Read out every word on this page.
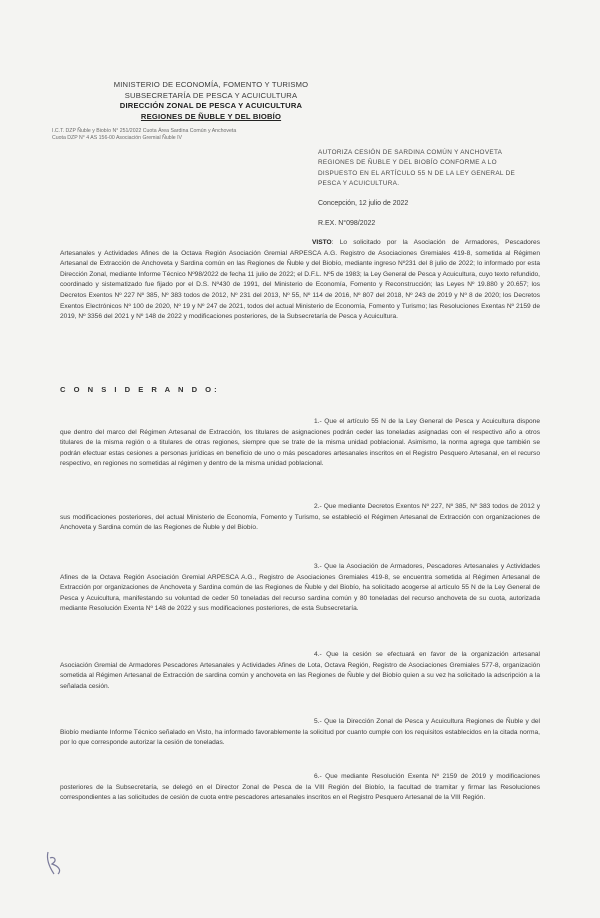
MINISTERIO DE ECONOMÍA, FOMENTO Y TURISMO
SUBSECRETARÍA DE PESCA Y ACUICULTURA
DIRECCIÓN ZONAL DE PESCA Y ACUICULTURA
REGIONES DE ÑUBLE Y DEL BIOBÍO
I.C.T. DZP Ñuble y Biobío N° 251/2022 Cuota Área Sardina Común y Anchoveta
Cuota DZP N° 4 AS 156-00 Asociación Gremial Ñuble IV
AUTORIZA CESIÓN DE SARDINA COMÚN Y ANCHOVETA REGIONES DE ÑUBLE Y DEL BIOBÍO CONFORME A LO DISPUESTO EN EL ARTÍCULO 55 N DE LA LEY GENERAL DE PESCA Y ACUICULTURA.
Concepción, 12 julio de 2022
R.EX. N°098/2022
VISTO: Lo solicitado por la Asociación de Armadores, Pescadores Artesanales y Actividades Afines de la Octava Región Asociación Gremial ARPESCA A.G. Registro de Asociaciones Gremiales 419-8, sometida al Régimen Artesanal de Extracción de Anchoveta y Sardina común en las Regiones de Ñuble y del Biobío, mediante ingreso Nº231 del 8 julio de 2022; lo informado por esta Dirección Zonal, mediante Informe Técnico Nº98/2022 de fecha 11 julio de 2022; el D.F.L. Nº5 de 1983; la Ley General de Pesca y Acuicultura, cuyo texto refundido, coordinado y sistematizado fue fijado por el D.S. Nº430 de 1991, del Ministerio de Economía, Fomento y Reconstrucción; las Leyes Nº 19.880 y 20.657; los Decretos Exentos Nº 227 Nº 385, Nº 383 todos de 2012, Nº 231 del 2013, Nº 55, Nº 114 de 2016, Nº 807 del 2018, Nº 243 de 2019 y Nº 8 de 2020; los Decretos Exentos Electrónicos Nº 100 de 2020, Nº 19 y Nº 247 de 2021, todos del actual Ministerio de Economía, Fomento y Turismo; las Resoluciones Exentas Nº 2159 de 2019, Nº 3356 del 2021 y Nº 148 de 2022 y modificaciones posteriores, de la Subsecretaría de Pesca y Acuicultura.
C O N S I D E R A N D O:
1.- Que el artículo 55 N de la Ley General de Pesca y Acuicultura dispone que dentro del marco del Régimen Artesanal de Extracción, los titulares de asignaciones podrán ceder las toneladas asignadas con el respectivo año a otros titulares de la misma región o a titulares de otras regiones, siempre que se trate de la misma unidad poblacional. Asimismo, la norma agrega que también se podrán efectuar estas cesiones a personas jurídicas en beneficio de uno o más pescadores artesanales inscritos en el Registro Pesquero Artesanal, en el recurso respectivo, en regiones no sometidas al régimen y dentro de la misma unidad poblacional.
2.- Que mediante Decretos Exentos Nº 227, Nº 385, Nº 383 todos de 2012 y sus modificaciones posteriores, del actual Ministerio de Economía, Fomento y Turismo, se estableció el Régimen Artesanal de Extracción con organizaciones de Anchoveta y Sardina común de las Regiones de Ñuble y del Biobío.
3.- Que la Asociación de Armadores, Pescadores Artesanales y Actividades Afines de la Octava Región Asociación Gremial ARPESCA A.G., Registro de Asociaciones Gremiales 419-8, se encuentra sometida al Régimen Artesanal de Extracción por organizaciones de Anchoveta y Sardina común de las Regiones de Ñuble y del Biobío, ha solicitado acogerse al artículo 55 N de la Ley General de Pesca y Acuicultura, manifestando su voluntad de ceder 50 toneladas del recurso sardina común y 80 toneladas del recurso anchoveta de su cuota, autorizada mediante Resolución Exenta Nº 148 de 2022 y sus modificaciones posteriores, de esta Subsecretaría.
4.- Que la cesión se efectuará en favor de la organización artesanal Asociación Gremial de Armadores Pescadores Artesanales y Actividades Afines de Lota, Octava Región, Registro de Asociaciones Gremiales 577-8, organización sometida al Régimen Artesanal de Extracción de sardina común y anchoveta en las Regiones de Ñuble y del Biobío quien a su vez ha solicitado la adscripción a la señalada cesión.
5.- Que la Dirección Zonal de Pesca y Acuicultura Regiones de Ñuble y del Biobío mediante Informe Técnico señalado en Visto, ha informado favorablemente la solicitud por cuanto cumple con los requisitos establecidos en la citada norma, por lo que corresponde autorizar la cesión de toneladas.
6.- Que mediante Resolución Exenta Nº 2159 de 2019 y modificaciones posteriores de la Subsecretaría, se delegó en el Director Zonal de Pesca de la VIII Región del Biobío, la facultad de tramitar y firmar las Resoluciones correspondientes a las solicitudes de cesión de cuota entre pescadores artesanales inscritos en el Registro Pesquero Artesanal de la VIII Región.
